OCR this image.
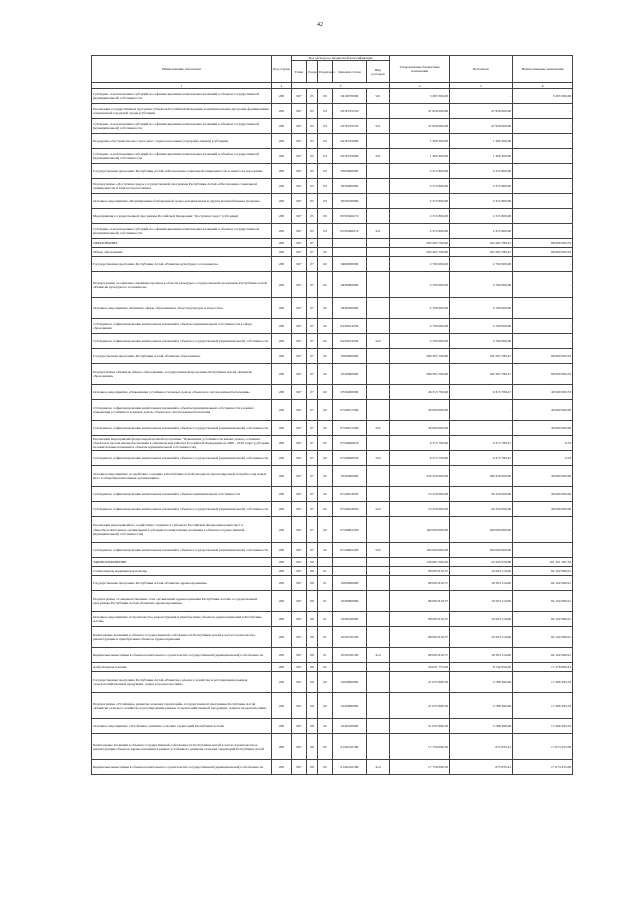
42
Наименование показателя	Код строки	Код расхода по бюджетной классификации					Утвержденные бюджетные назначения	Исполнено	Неисполненные назначения
		Глава	Раздел	Подраздел	Целевая статья	Вид расходов			
1	2	3					4	5	6
Субсидии, за исключением субсидий на софинансирование капитальных вложений в объекты государственной (муниципальной) собственности	200	907	05	03	0210970000	521	3 283 300,00	-	3 283 300,00
Реализация государственных программ субъектов Российской Федерации и муниципальных программ формирования современной городской среды (субсидии)	200	907	05	03	021F255550		47 958 000,00	47 958 000,00	-
Субсидии, за исключением субсидий на софинансирование капитальных вложений в объекты государственной (муниципальной) собственности	200	907	05	03	021F255550	521	47 958 000,00	47 958 000,00	-
Поддержка обустройства мест массового отдыха населения (городских парков) (субсидии)	200	907	05	03	021F255600		1 309 300,00	1 309 300,00	-
Субсидии, за исключением субсидий на софинансирование капитальных вложений в объекты государственной (муниципальной) собственности	200	907	05	03	021F255600	521	1 309 300,00	1 309 300,00	-
Государственная программа Республики Алтай «Обеспечение социальной защищенности и занятости населения»	200	907	05	03	0500000000		2 315 800,00	2 315 800,00	-
Подпрограмма «Доступная среда» государственной программы Республики Алтай «Обеспечение социальной защищенности и занятости населения»	200	907	05	03	0550000000		2 315 800,00	2 315 800,00	-
Основное мероприятие «Формирование безбарьерной среды для инвалидов и других маломобильных граждан»	200	907	05	03	0550100000		2 315 800,00	2 315 800,00	-
Мероприятия государственной программы Российской Федерации "Доступная среда" (субсидии)	200	907	05	03	05501R0272		2 315 800,00	2 315 800,00	-
Субсидии, за исключением субсидий на софинансирование капитальных вложений в объекты государственной (муниципальной) собственности	200	907	05	03	05501R0272	521	2 315 800,00	2 315 800,00	-
ОБРАЗОВАНИЕ	200	907	07				283 265 790,00	195 265 789,47	88 000 000,53
Общее образование	200	907	07	02			283 265 790,00	195 265 789,47	88 000 000,53
Государственная программа Республики Алтай «Развитие культурного потенциала»	200	907	07	02	0400000000		2 700 000,00	2 700 000,00	-
Подпрограмма «Социально-значимые проекты в области культуры» государственной программы Республики Алтай «Развитие культурного потенциала»	200	907	07	02	0430000000		2 700 000,00	2 700 000,00	-
Основное мероприятие «Развитие сферы образования в области культуры и искусства»	200	907	07	02	0430200000		2 700 000,00	2 700 000,00	-
Субсидии на софинансирование капитальных вложений в объекты муниципальной собственности в сфере образования	200	907	07	02	04302Z4330		2 700 000,00	2 700 000,00	-
Субсидии на софинансирование капитальных вложений в объекты государственной (муниципальной) собственности	200	907	07	02	04302Z4330	522	2 700 000,00	2 700 000,00	-
Государственная программа Республики Алтай «Развитие образования»	200	907	07	02	0700000000		280 565 790,00	192 565 789,47	88 000 000,53
Подпрограмма «Развитие общего образования» государственной программы Республики Алтай «Развитие образования»	200	907	07	02	0720000000		280 565 790,00	192 565 789,47	88 000 000,53
Основное мероприятие «Повышение устойчивости жилых домов, объектов и систем жизнеобеспечения»	200	907	07	02	0720200000		46 315 790,00	6 315 789,47	40 000 000,53
Субсидии на софинансирование капитальных вложений в объекты муниципальной собственности в рамках повышения устойчивости жилых домов, объектов и систем жизнеобеспечения	200	907	07	02	07202Z7200		40 000 000,00	-	40 000 000,00
Субсидии на софинансирование капитальных вложений в объекты государственной (муниципальной) собственности	200	907	07	02	07202Z7200	522	40 000 000,00	-	40 000 000,00
Реализация мероприятий федеральной целевой программы "Повышение устойчивости жилых домов, основных объектов и систем жизнеобеспечения в сейсмических районах Российской Федерации на 2009 - 2018 годы" (субсидии на капитальные вложения в объекты муниципальной собственности)	200	907	07	02	07202R0830		6 315 790,00	6 315 789,47	0,53
Субсидии на софинансирование капитальных вложений в объекты государственной (муниципальной) собственности	200	907	07	02	07202R0830	522	6 315 790,00	6 315 789,47	0,53
Основное мероприятие «Содействие созданию в Республике Алтай (исходя из прогнозируемой потребности) новых мест в общеобразовательных организациях»	200	907	07	02	0720400000		234 250 000,00	186 250 000,00	48 000 000,00
Субсидии на софинансирование капитальных вложений в объекты муниципальной собственности	200	907	07	02	07204Z4950		74 250 000,00	26 250 000,00	48 000 000,00
Субсидии на софинансирование капитальных вложений в объекты государственной (муниципальной) собственности	200	907	07	02	07204Z4950	522	74 250 000,00	26 250 000,00	48 000 000,00
Реализация мероприятий по содействию созданию в субъектах Российской Федерации новых мест в общеобразовательных организациях (субсидии на капитальные вложения в объекты государственной (муниципальной) собственности)	200	907	07	02	07204R5200		160 000 000,00	160 000 000,00	-
Субсидии на софинансирование капитальных вложений в объекты государственной (муниципальной) собственности	200	907	07	02	07204R5200	522	160 000 000,00	160 000 000,00	-
ЗДРАВООХРАНЕНИЕ	200	907	09				126 667 566,20	25 345 978,86	101 321 587,34
Стационарная медицинская помощь	200	907	09	01			98 695 810,57	16 503 119,66	82 192 690,91
Государственная программа Республики Алтай «Развитие здравоохранения»	200	907	09	01	1000000000		98 695 810,57	16 503 119,66	82 192 690,91
Подпрограмма «Совершенствование сети организаций здравоохранения Республики Алтай» государственной программы Республики Алтай «Развитие здравоохранения»	200	907	09	01	1030000000		98 695 810,57	16 503 119,66	82 192 690,91
Основное мероприятие «Строительство, реконструкция и приобретение объектов здравоохранения в Республике Алтай»	200	907	09	01	1030100000		98 695 810,57	16 503 119,66	82 192 690,91
Капитальные вложения в объекты государственной собственности Республики Алтай в части строительства, реконструкции и приобретения объектов здравоохранения	200	907	09	01	10301Z0100		98 695 810,57	16 503 119,66	82 192 690,91
Бюджетные инвестиции в объекты капитального строительства государственной (муниципальной) собственности	200	907	09	01	10301Z0100	414	98 695 810,57	16 503 119,66	82 192 690,91
Амбулаторная помощь	200	907	09	02			26 021 755,63	8 742 859,20	17 278 896,43
Государственная программа Республики Алтай «Развитие сельского хозяйства и регулирование рынков сельскохозяйственной продукции, сырья и продовольствия»	200	907	09	02	0100000000		21 055 690,50	3 788 496,96	17 266 593,54
Подпрограмма «Устойчивое развитие сельских территорий» государственной программы Республики Алтай «Развитие сельского хозяйства и регулирование рынков сельскохозяйственной продукции, сырья и продовольствия»	200	907	09	02	0140000000		21 055 690,50	3 788 496,96	17 266 593,54
Основное мероприятие «Устойчивое развитие сельских территорий Республики Алтай»	200	907	09	02	0140100000		21 055 690,50	3 788 496,96	17 266 593,54
Капитальные вложения в объекты государственной собственности Республики Алтай в части строительства и реконструкции объектов здравоохранения в рамках устойчивого развития сельских территорий Республики Алтай	200	907	09	02	01401Z0180		17 750 090,50	675 835,41	17 074 255,09
Бюджетные инвестиции в объекты капитального строительства государственной (муниципальной) собственности	200	907	09	02	01401Z0180	414	17 750 090,50	675 835,41	17 074 255,09
